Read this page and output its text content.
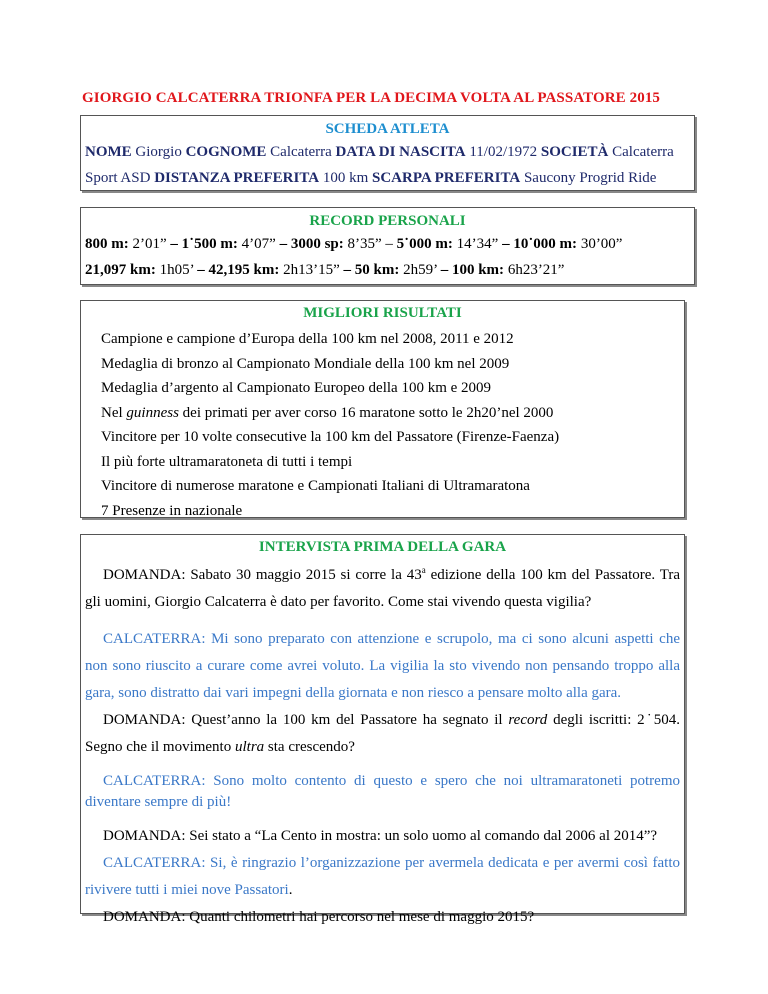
GIORGIO CALCATERRA TRIONFA PER LA DECIMA VOLTA AL PASSATORE 2015
SCHEDA ATLETA
NOME Giorgio COGNOME Calcaterra DATA DI NASCITA 11/02/1972 SOCIETÀ Calcaterra Sport ASD DISTANZA PREFERITA 100 km SCARPA PREFERITA Saucony Progrid Ride
RECORD PERSONALI
800 m: 2’01” – 1˙500 m: 4’07” – 3000 sp: 8’35” – 5˙000 m: 14’34” – 10˙000 m: 30’00”
21,097 km: 1h05’ – 42,195 km: 2h13’15” – 50 km: 2h59’ – 100 km: 6h23’21”
MIGLIORI RISULTATI
Campione e campione d’Europa della 100 km nel 2008, 2011 e 2012
Medaglia di bronzo al Campionato Mondiale della 100 km nel 2009
Medaglia d’argento al Campionato Europeo della 100 km e 2009
Nel guinness dei primati per aver corso 16 maratone sotto le 2h20’nel 2000
Vincitore per 10 volte consecutive la 100 km del Passatore (Firenze-Faenza)
Il più forte ultramaratoneta di tutti i tempi
Vincitore di numerose maratone e Campionati Italiani di Ultramaratona
7 Presenze in nazionale
INTERVISTA PRIMA DELLA GARA

DOMANDA: Sabato 30 maggio 2015 si corre la 43$^a$ edizione della 100 km del Passatore. Tra gli uomini, Giorgio Calcaterra è dato per favorito. Come stai vivendo questa vigilia?

CALCATERRA: Mi sono preparato con attenzione e scrupolo, ma ci sono alcuni aspetti che non sono riuscito a curare come avrei voluto. La vigilia la sto vivendo non pensando troppo alla gara, sono distratto dai vari impegni della giornata e non riesco a pensare molto alla gara.

DOMANDA: Quest’anno la 100 km del Passatore ha segnato il record degli iscritti: 2˙504. Segno che il movimento ultra sta crescendo?

CALCATERRA: Sono molto contento di questo e spero che noi ultramaratoneti potremo diventare sempre di più!

DOMANDA: Sei stato a “La Cento in mostra: un solo uomo al comando dal 2006 al 2014”?

CALCATERRA: Si, è ringrazio l’organizzazione per avermela dedicata e per avermi così fatto rivivere tutti i miei nove Passatori.

DOMANDA: Quanti chilometri hai percorso nel mese di maggio 2015?
